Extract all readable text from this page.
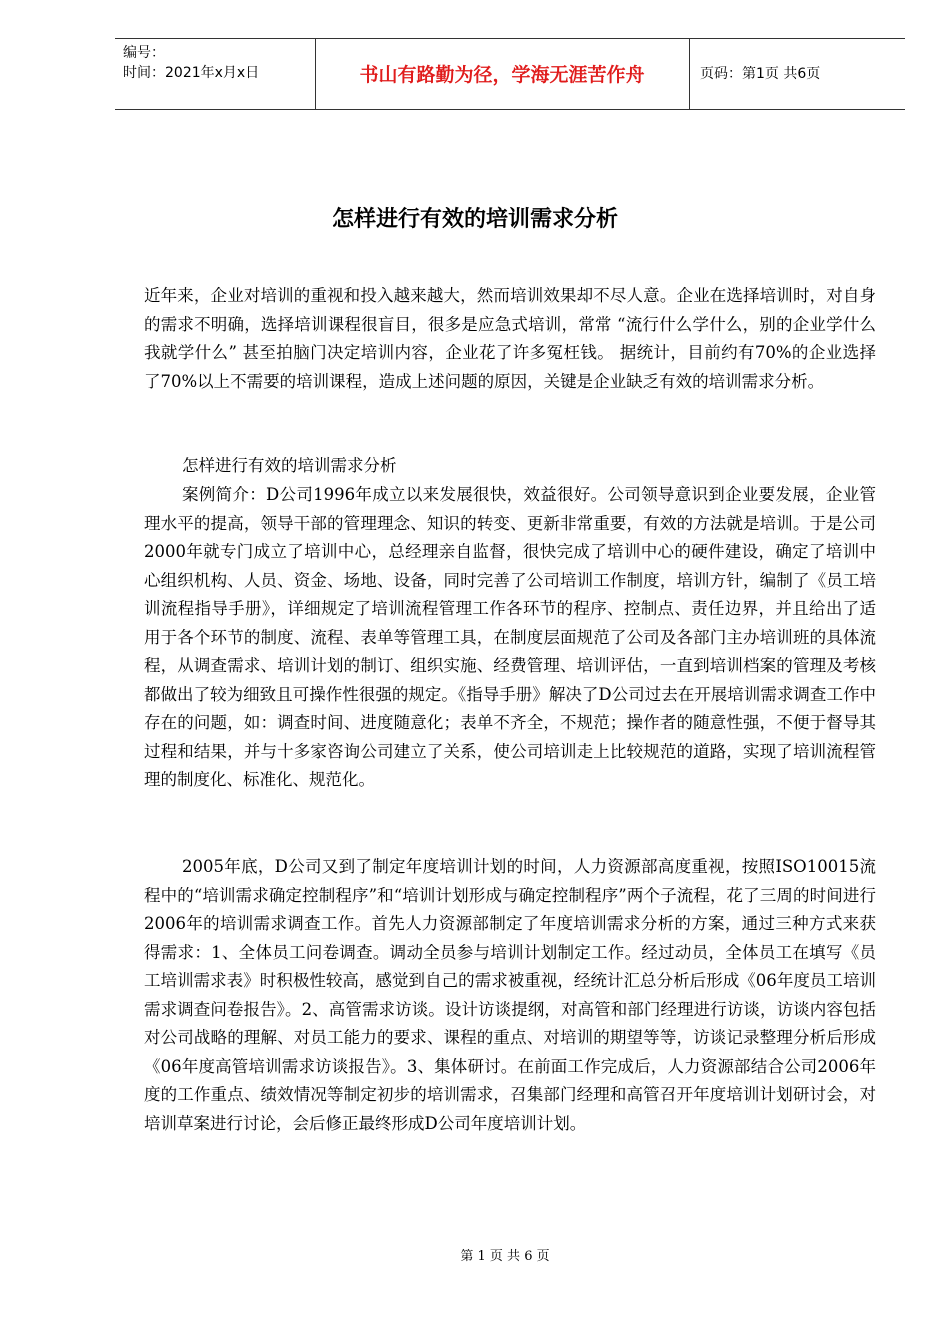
编号：
时间：2021年x月x日	书山有路勤为径，学海无涯苦作舟	页码：第1页 共6页
怎样进行有效的培训需求分析

近年来，企业对培训的重视和投入越来越大，然而培训效果却不尽人意。企业在选择培训时，对自身的需求不明确，选择培训课程很盲目，很多是应急式培训，常常 “流行什么学什么，别的企业学什么我就学什么” 甚至拍脑门决定培训内容，企业花了许多冤枉钱。 据统计，目前约有70%的企业选择了70%以上不需要的培训课程，造成上述问题的原因，关键是企业缺乏有效的培训需求分析。

怎样进行有效的培训需求分析

案例简介：D公司1996年成立以来发展很快，效益很好。公司领导意识到企业要发展，企业管理水平的提高，领导干部的管理理念、知识的转变、更新非常重要，有效的方法就是培训。于是公司2000年就专门成立了培训中心，总经理亲自监督，很快完成了培训中心的硬件建设，确定了培训中心组织机构、人员、资金、场地、设备，同时完善了公司培训工作制度，培训方针，编制了《员工培训流程指导手册》，详细规定了培训流程管理工作各环节的程序、控制点、责任边界，并且给出了适用于各个环节的制度、流程、表单等管理工具，在制度层面规范了公司及各部门主办培训班的具体流程，从调查需求、培训计划的制订、组织实施、经费管理、培训评估，一直到培训档案的管理及考核都做出了较为细致且可操作性很强的规定。《指导手册》解决了D公司过去在开展培训需求调查工作中存在的问题，如：调查时间、进度随意化；表单不齐全，不规范；操作者的随意性强，不便于督导其过程和结果，并与十多家咨询公司建立了关系，使公司培训走上比较规范的道路，实现了培训流程管理的制度化、标准化、规范化。

2005年底，D公司又到了制定年度培训计划的时间，人力资源部高度重视，按照ISO10015流程中的“培训需求确定控制程序”和“培训计划形成与确定控制程序”两个子流程，花了三周的时间进行2006年的培训需求调查工作。首先人力资源部制定了年度培训需求分析的方案，通过三种方式来获得需求：1、全体员工问卷调查。调动全员参与培训计划制定工作。经过动员，全体员工在填写《员工培训需求表》时积极性较高，感觉到自己的需求被重视，经统计汇总分析后形成《06年度员工培训需求调查问卷报告》。2、高管需求访谈。设计访谈提纲，对高管和部门经理进行访谈，访谈内容包括对公司战略的理解、对员工能力的要求、课程的重点、对培训的期望等等，访谈记录整理分析后形成《06年度高管培训需求访谈报告》。3、集体研讨。在前面工作完成后，人力资源部结合公司2006年度的工作重点、绩效情况等制定初步的培训需求，召集部门经理和高管召开年度培训计划研讨会，对培训草案进行讨论，会后修正最终形成D公司年度培训计划。

第 1 页 共 6 页
